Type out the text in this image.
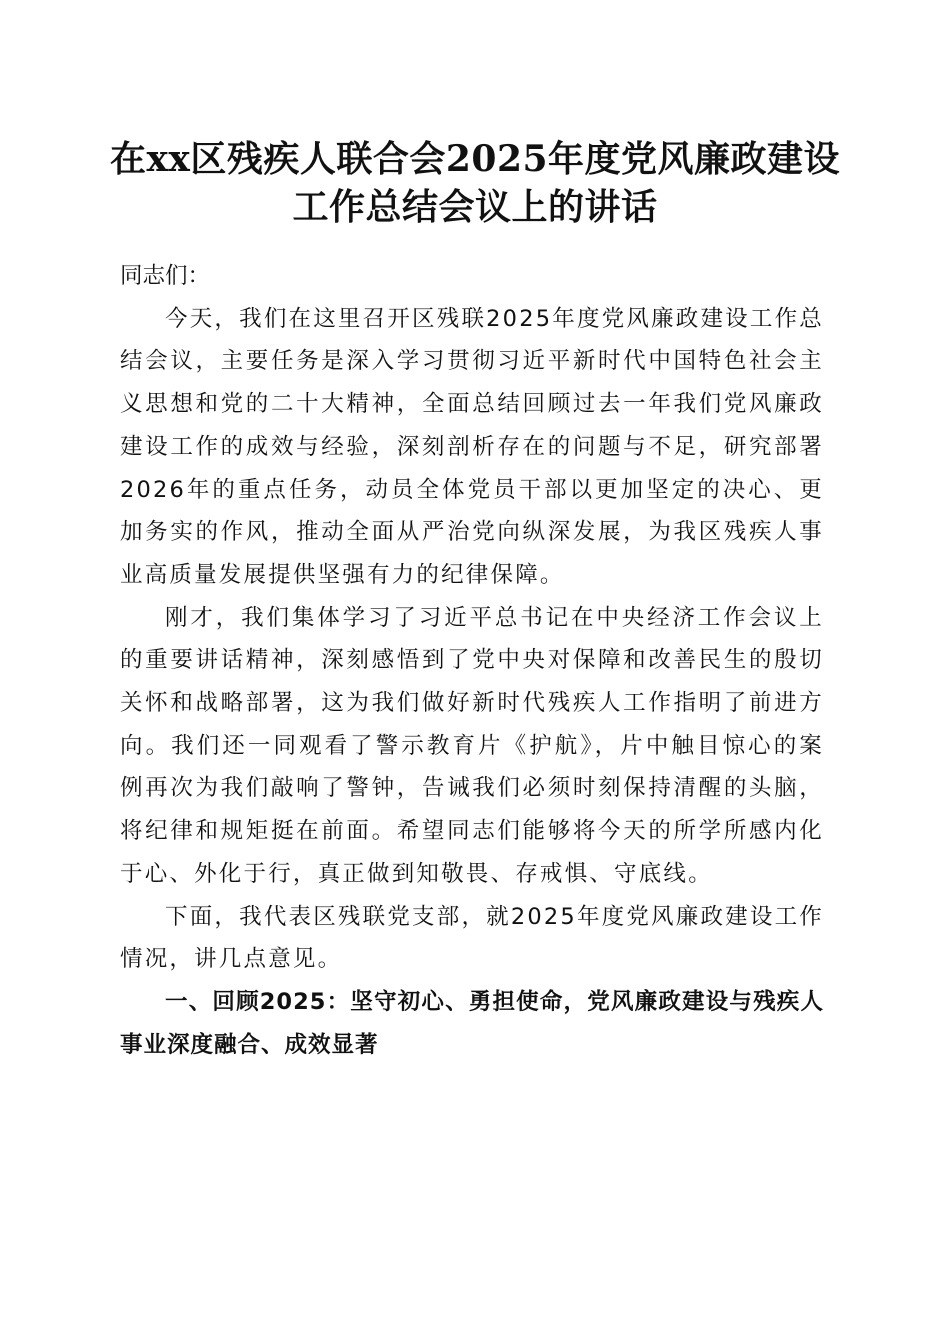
在xx区残疾人联合会2025年度党风廉政建设
工作总结会议上的讲话

同志们：

今天，我们在这里召开区残联2025年度党风廉政建设工作总结会议，主要任务是深入学习贯彻习近平新时代中国特色社会主义思想和党的二十大精神，全面总结回顾过去一年我们党风廉政建设工作的成效与经验，深刻剖析存在的问题与不足，研究部署2026年的重点任务，动员全体党员干部以更加坚定的决心、更加务实的作风，推动全面从严治党向纵深发展，为我区残疾人事业高质量发展提供坚强有力的纪律保障。

刚才，我们集体学习了习近平总书记在中央经济工作会议上的重要讲话精神，深刻感悟到了党中央对保障和改善民生的殷切关怀和战略部署，这为我们做好新时代残疾人工作指明了前进方向。我们还一同观看了警示教育片《护航》，片中触目惊心的案例再次为我们敲响了警钟，告诫我们必须时刻保持清醒的头脑，将纪律和规矩挺在前面。希望同志们能够将今天的所学所感内化于心、外化于行，真正做到知敬畏、存戒惧、守底线。

下面，我代表区残联党支部，就2025年度党风廉政建设工作情况，讲几点意见。

一、回顾2025：坚守初心、勇担使命，党风廉政建设与残疾人事业深度融合、成效显著
